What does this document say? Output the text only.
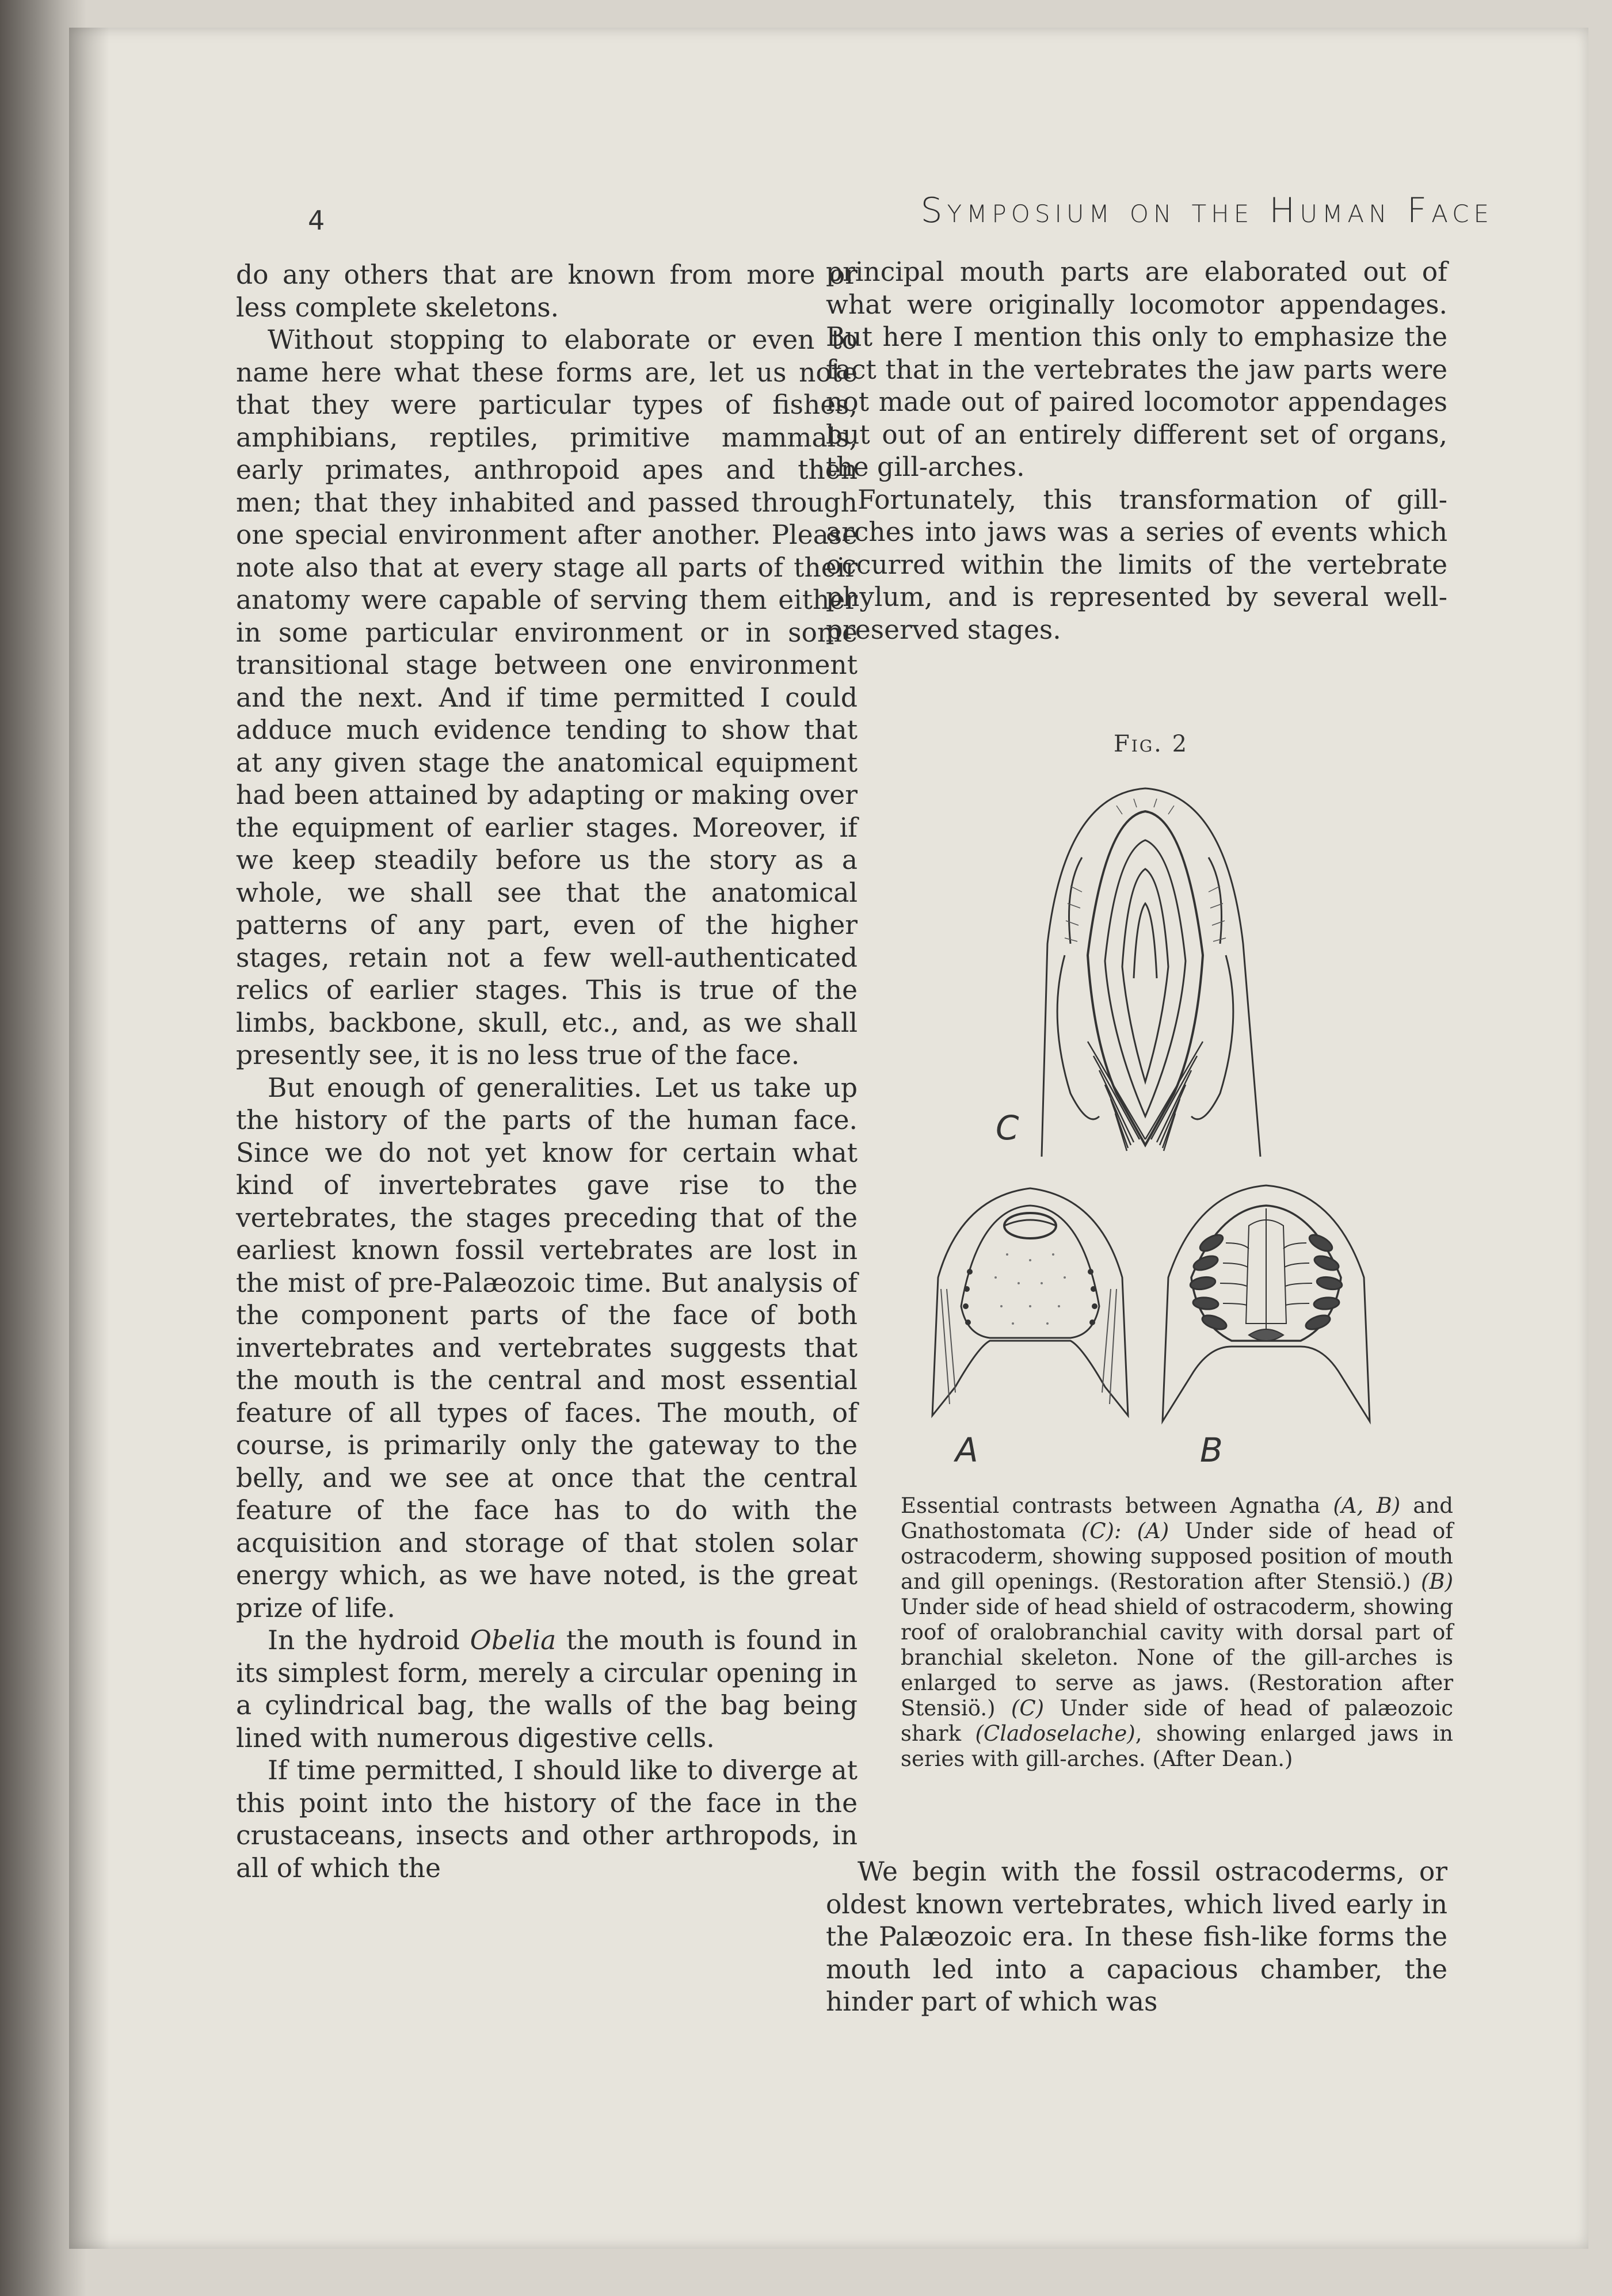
4	Symposium on the Human Face

do any others that are known from more or less complete skeletons.

Without stopping to elaborate or even to name here what these forms are, let us note that they were particular types of fishes, amphibians, reptiles, primitive mammals, early primates, anthropoid apes and then men; that they inhabited and passed through one special environment after another. Please note also that at every stage all parts of their anatomy were capable of serving them either in some particular environment or in some transitional stage between one environment and the next. And if time permitted I could adduce much evidence tending to show that at any given stage the anatomical equipment had been attained by adapting or making over the equipment of earlier stages. Moreover, if we keep steadily before us the story as a whole, we shall see that the anatomical patterns of any part, even of the higher stages, retain not a few well-authenticated relics of earlier stages. This is true of the limbs, backbone, skull, etc., and, as we shall presently see, it is no less true of the face.

But enough of generalities. Let us take up the history of the parts of the human face. Since we do not yet know for certain what kind of invertebrates gave rise to the vertebrates, the stages preceding that of the earliest known fossil vertebrates are lost in the mist of pre-Palæozoic time. But analysis of the component parts of the face of both invertebrates and vertebrates suggests that the mouth is the central and most essential feature of all types of faces. The mouth, of course, is primarily only the gateway to the belly, and we see at once that the central feature of the face has to do with the acquisition and storage of that stolen solar energy which, as we have noted, is the great prize of life.

In the hydroid Obelia the mouth is found in its simplest form, merely a circular opening in a cylindrical bag, the walls of the bag being lined with numerous digestive cells.

If time permitted, I should like to diverge at this point into the history of the face in the crustaceans, insects and other arthropods, in all of which the

principal mouth parts are elaborated out of what were originally locomotor appendages. But here I mention this only to emphasize the fact that in the vertebrates the jaw parts were not made out of paired locomotor appendages but out of an entirely different set of organs, the gill-arches.

Fortunately, this transformation of gill-arches into jaws was a series of events which occurred within the limits of the vertebrate phylum, and is represented by several well-preserved stages.

Fig. 2
C
A	B
Essential contrasts between Agnatha (A, B) and Gnathostomata (C): (A) Under side of head of ostracoderm, showing supposed position of mouth and gill openings. (Restoration after Stensiö.) (B) Under side of head shield of ostracoderm, showing roof of oralobranchial cavity with dorsal part of branchial skeleton. None of the gill-arches is enlarged to serve as jaws. (Restoration after Stensiö.) (C) Under side of head of palæozoic shark (Cladoselache), showing enlarged jaws in series with gill-arches. (After Dean.)

We begin with the fossil ostracoderms, or oldest known vertebrates, which lived early in the Palæozoic era. In these fish-like forms the mouth led into a capacious chamber, the hinder part of which was
